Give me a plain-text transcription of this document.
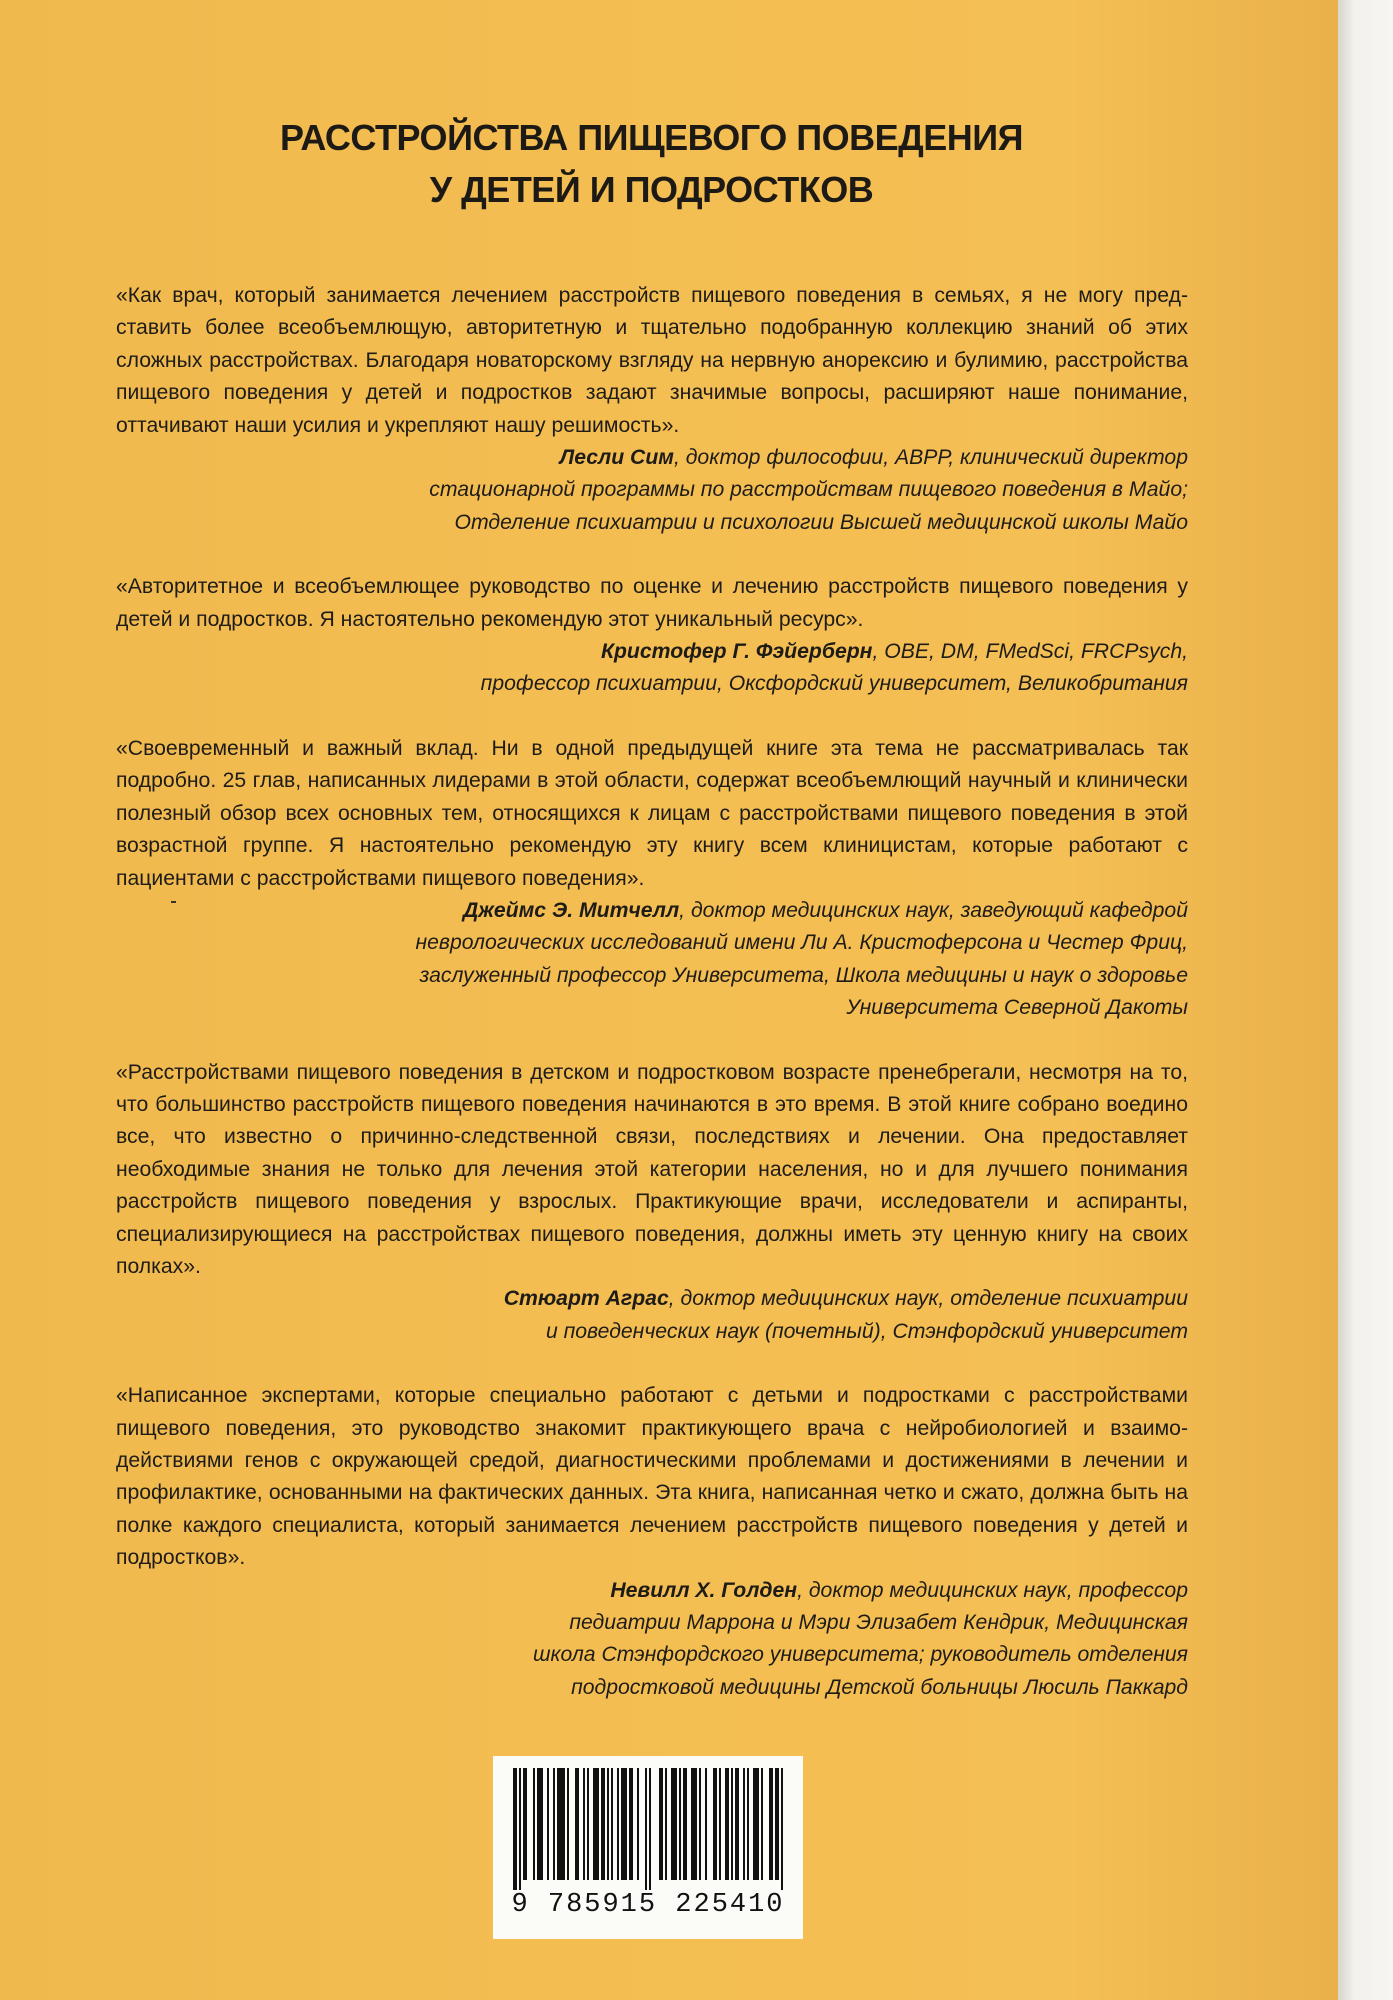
РАССТРОЙСТВА ПИЩЕВОГО ПОВЕДЕНИЯ
У ДЕТЕЙ И ПОДРОСТКОВ

«Как врач, который занимается лечением расстройств пищевого поведения в семьях, я не могу представить более всеобъемлющую, авторитетную и тщательно подобранную коллекцию знаний об этих сложных расстройствах. Благодаря новаторскому взгляду на нервную анорексию и булимию, расстройства пищевого поведения у детей и подростков задают значимые вопросы, расширяют наше понимание, оттачивают наши усилия и укрепляют нашу решимость».

Лесли Сим, доктор философии, АВРР, клинический директор
стационарной программы по расстройствам пищевого поведения в Майо;
Отделение психиатрии и психологии Высшей медицинской школы Майо

«Авторитетное и всеобъемлющее руководство по оценке и лечению расстройств пищевого поведения у детей и подростков. Я настоятельно рекомендую этот уникальный ресурс».

Кристофер Г. Фэйерберн, OBE, DM, FMedSci, FRCPsych,
профессор психиатрии, Оксфордский университет, Великобритания

«Своевременный и важный вклад. Ни в одной предыдущей книге эта тема не рассматривалась так подробно. 25 глав, написанных лидерами в этой области, содержат всеобъемлющий научный и клинически полезный обзор всех основных тем, относящихся к лицам с расстройствами пищевого поведения в этой возрастной группе. Я настоятельно рекомендую эту книгу всем клиницистам, которые работают с пациентами с расстройствами пищевого поведения».

Джеймс Э. Митчелл, доктор медицинских наук, заведующий кафедрой
неврологических исследований имени Ли А. Кристоферсона и Честер Фриц,
заслуженный профессор Университета, Школа медицины и наук о здоровье
Университета Северной Дакоты

«Расстройствами пищевого поведения в детском и подростковом возрасте пренебрегали, несмотря на то, что большинство расстройств пищевого поведения начинаются в это время. В этой книге собрано воедино все, что известно о причинно-следственной связи, последствиях и лечении. Она предоставляет необходимые знания не только для лечения этой категории населения, но и для лучшего понимания расстройств пищевого поведения у взрослых. Практикующие врачи, исследователи и аспиранты, специализирующиеся на расстройствах пищевого поведения, должны иметь эту ценную книгу на своих полках».

Стюарт Аграс, доктор медицинских наук, отделение психиатрии
и поведенческих наук (почетный), Стэнфордский университет

«Написанное экспертами, которые специально работают с детьми и подростками с расстройствами пищевого поведения, это руководство знакомит практикующего врача с нейробиологией и взаимодействиями генов с окружающей средой, диагностическими проблемами и достижениями в лечении и профилактике, основанными на фактических данных. Эта книга, написанная четко и сжато, должна быть на полке каждого специалиста, который занимается лечением расстройств пищевого поведения у детей и подростков».

Невилл Х. Голден, доктор медицинских наук, профессор
педиатрии Маррона и Мэри Элизабет Кендрик, Медицинская
школа Стэнфордского университета; руководитель отделения
подростковой медицины Детской больницы Люсиль Паккард

9 785915 225410
